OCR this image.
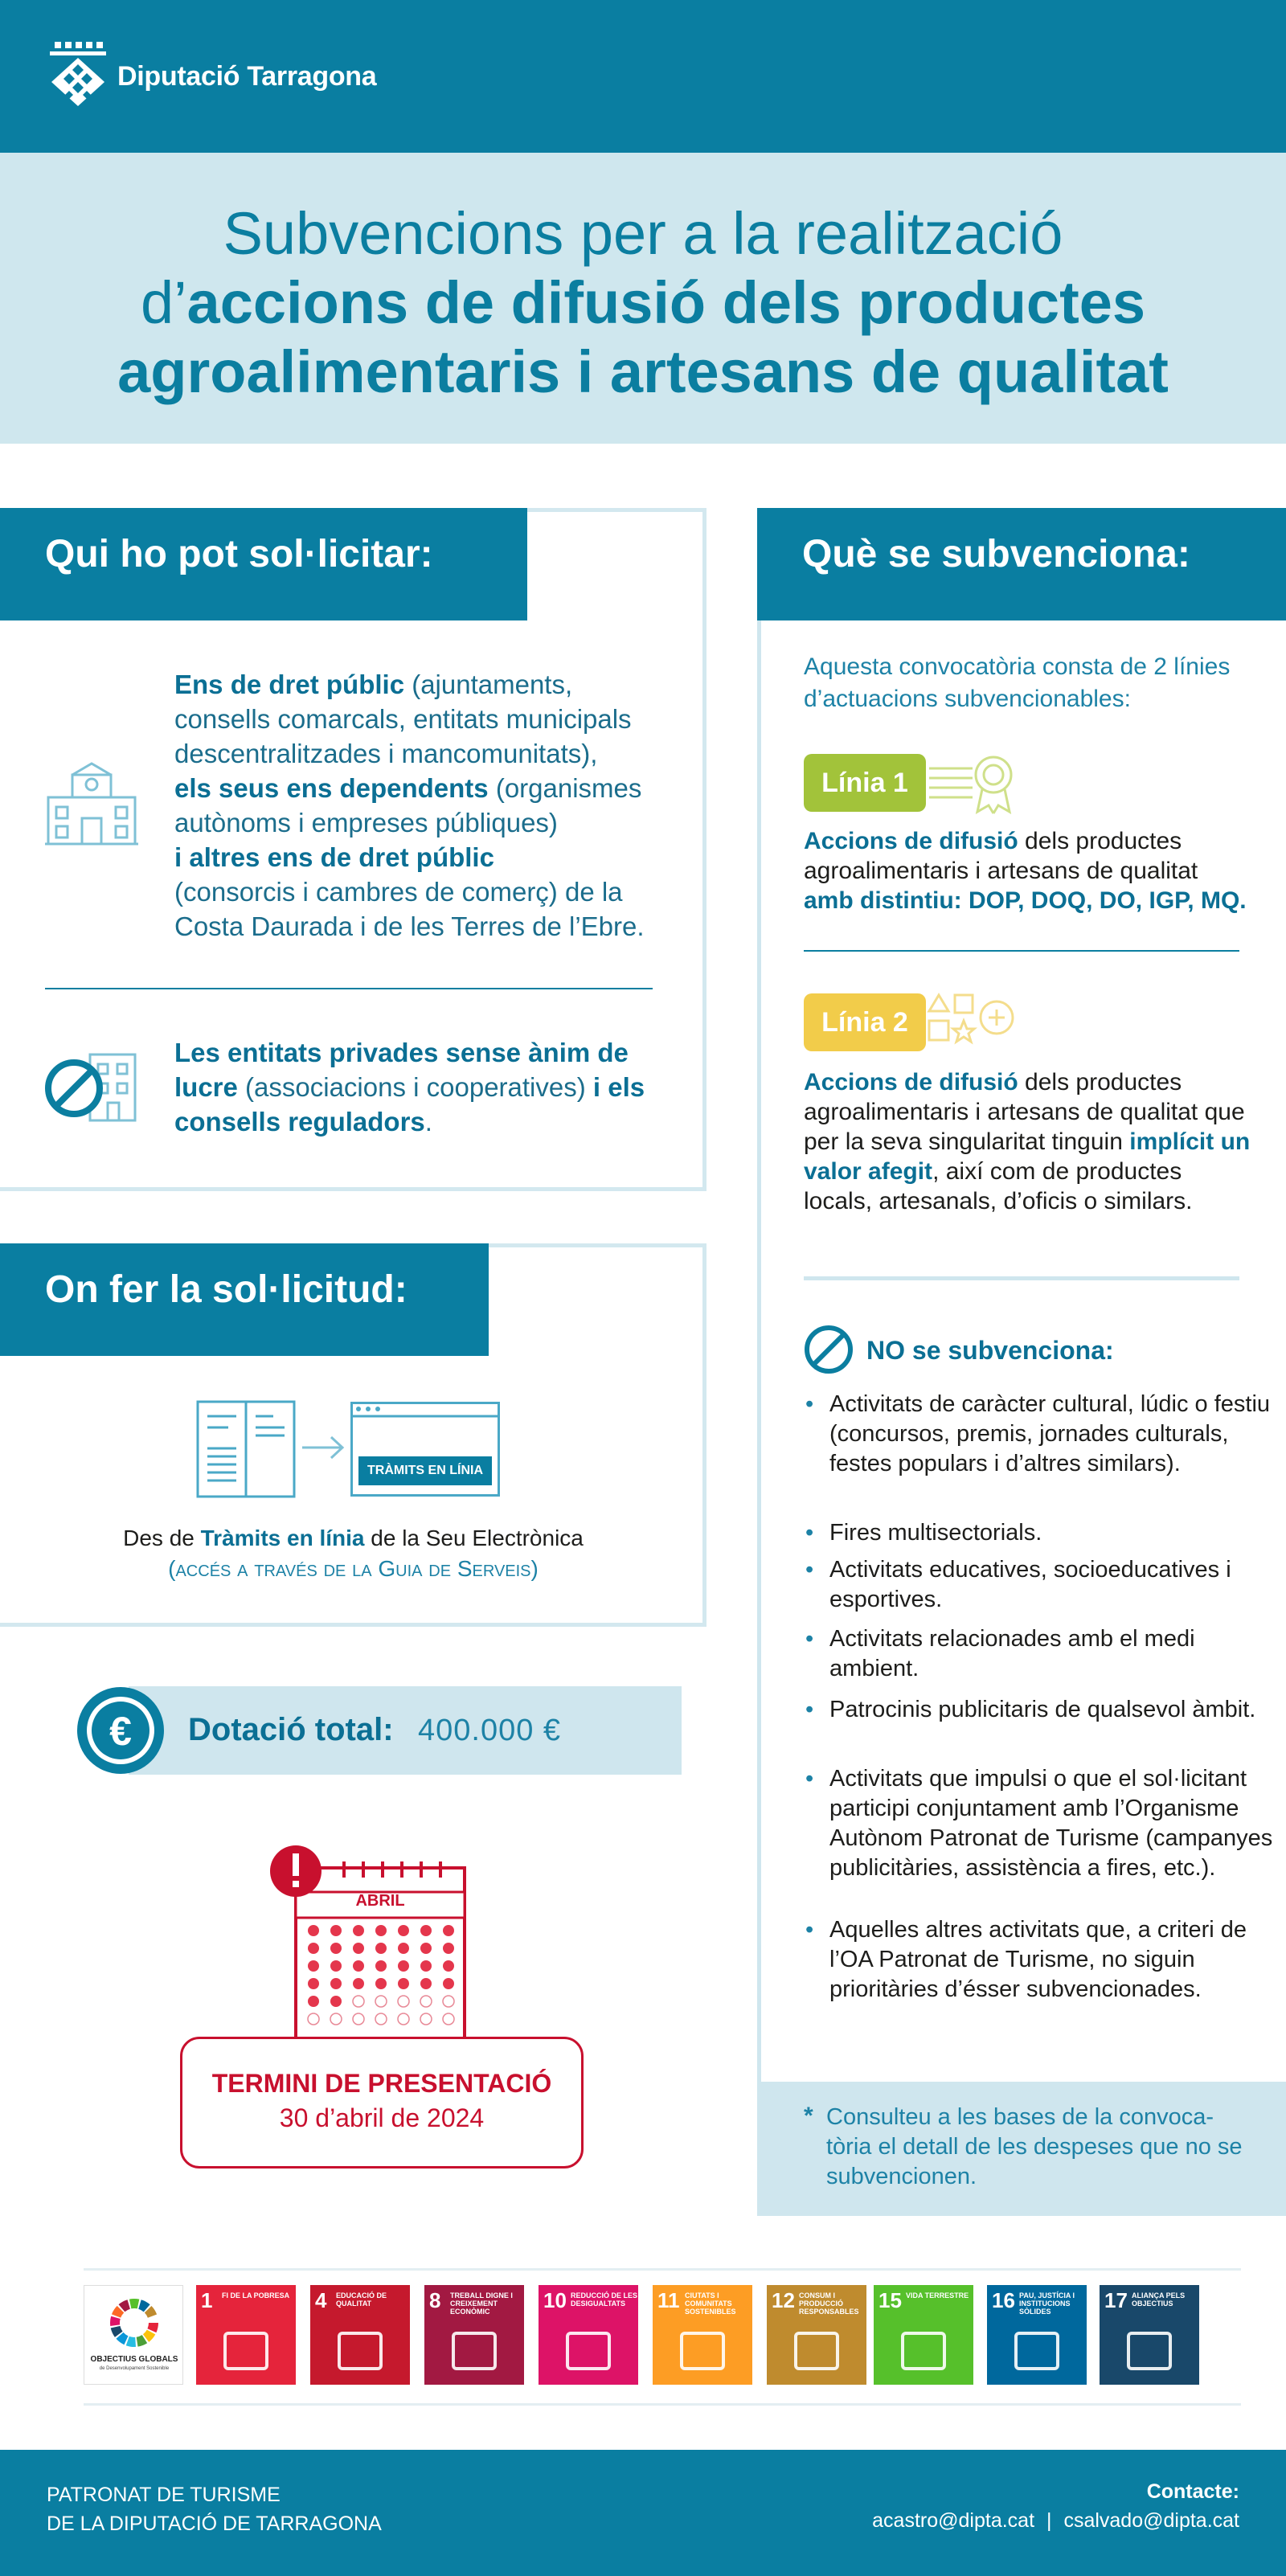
Diputació Tarragona
Subvencions per a la realització
d’accions de difusió dels productes
agroalimentaris i artesans de qualitat
Qui ho pot sol·licitar:
Ens de dret públic (ajuntaments, consells comarcals, entitats municipals descentralitzades i mancomunitats),
els seus ens dependents (organismes autònoms i empreses públiques)
i altres ens de dret públic
(consorcis i cambres de comerç) de la Costa Daurada i de les Terres de l’Ebre.
Les entitats privades sense ànim de lucre (associacions i cooperatives) i els consells reguladors.
On fer la sol·licitud:
TRÀMITS EN LÍNIA
Des de Tràmits en línia de la Seu Electrònica
(accés a través de la Guia de Serveis)
€ Dotació total: 400.000 €
ABRIL
TERMINI DE PRESENTACIÓ
30 d’abril de 2024
Què se subvenciona:
Aquesta convocatòria consta de 2 línies d’actuacions subvencionables:
Línia 1
Accions de difusió dels productes agroalimentaris i artesans de qualitat amb distintiu: DOP, DOQ, DO, IGP, MQ.
Línia 2
Accions de difusió dels productes agroalimentaris i artesans de qualitat que per la seva singularitat tinguin implícit un valor afegit, així com de productes locals, artesanals, d’oficis o similars.
NO se subvenciona:
• Activitats de caràcter cultural, lúdic o festiu (concursos, premis, jornades culturals, festes populars i d’altres similars).
• Fires multisectorials.
• Activitats educatives, socioeducatives i esportives.
• Activitats relacionades amb el medi ambient.
• Patrocinis publicitaris de qualsevol àmbit.
• Activitats que impulsi o que el sol·licitant participi conjuntament amb l’Organisme Autònom Patronat de Turisme (campanyes publicitàries, assistència a fires, etc.).
• Aquelles altres activitats que, a criteri de l’OA Patronat de Turisme, no siguin prioritàries d’ésser subvencionades.
* Consulteu a les bases de la convoca-tòria el detall de les despeses que no se subvencionen.
OBJECTIUS GLOBALS
de Desenvolupament Sostenible
1 FI DE LA POBRESA 4 EDUCACIÓ DE QUALITAT	8 TREBALL DIGNE I CREIXEMENT ECONÒMIC	10 REDUCCIÓ DE LES DESIGUALTATS	11 CIUTATS I COMUNITATS SOSTENIBLES	12 CONSUM I PRODUCCIÓ RESPONSABLES 15 VIDA TERRESTRE	16 PAU, JUSTÍCIA I INSTITUCIONS SÒLIDES	17 ALIANÇA PELS OBJECTIUS
PATRONAT DE TURISME
DE LA DIPUTACIÓ DE TARRAGONA
Contacte:
acastro@dipta.cat | csalvado@dipta.cat
